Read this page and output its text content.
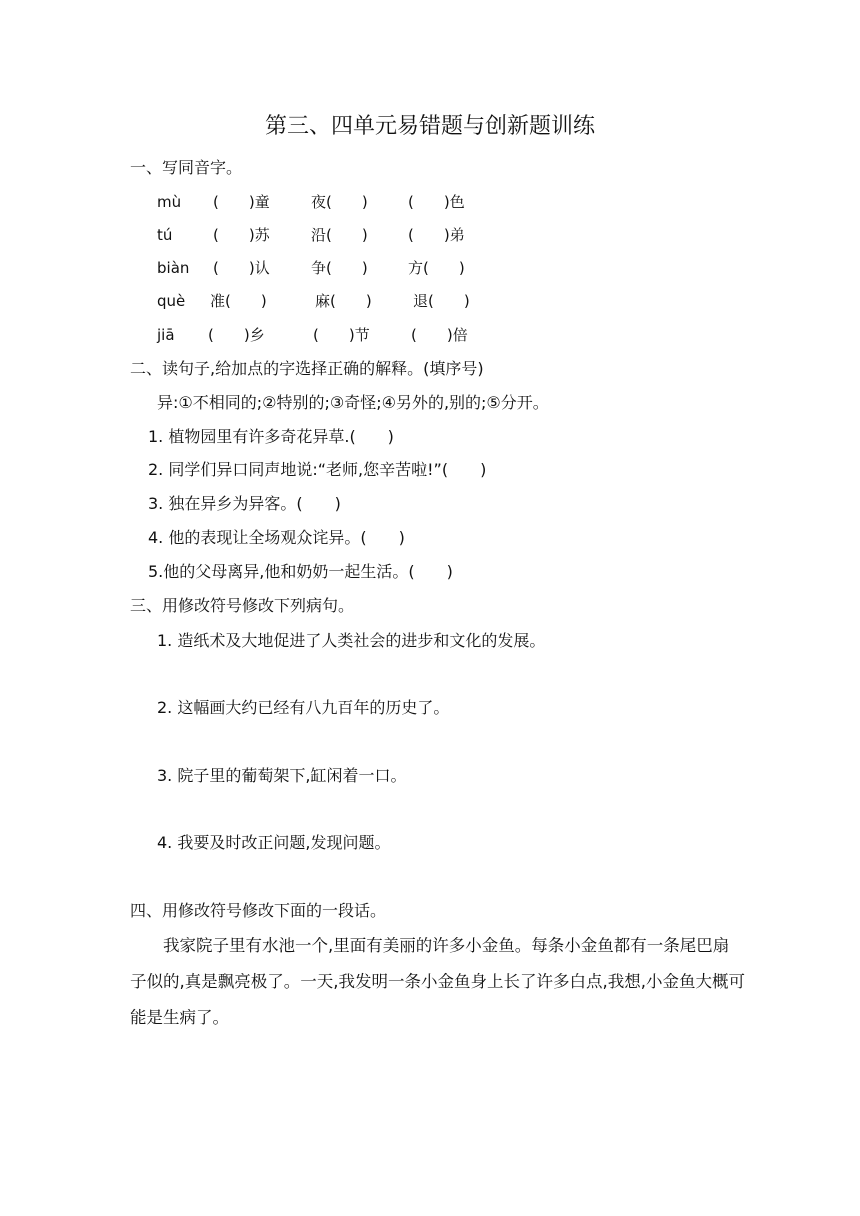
第三、四单元易错题与创新题训练
一、写同音字。
mù (　　)童	夜(　　)	(　　)色
tú	(　　)苏	沿(　　)	(　　)弟
biàn (　　)认	争(　　)	方(　　)
què 准(　　)	麻(　　)	退(　　)
jiā (　　)乡	(　　)节	(　　)倍
二、读句子,给加点的字选择正确的解释。(填序号)
异:①不相同的;②特别的;③奇怪;④另外的,别的;⑤分开。
1. 植物园里有许多奇花异草.(　　)
2. 同学们异口同声地说:“老师,您辛苦啦!”(　　)
3. 独在异乡为异客。(　　)
4. 他的表现让全场观众诧异。(　　)
5.他的父母离异,他和奶奶一起生活。(　　)
三、用修改符号修改下列病句。
1. 造纸术及大地促进了人类社会的进步和文化的发展。
2. 这幅画大约已经有八九百年的历史了。
3. 院子里的葡萄架下,缸闲着一口。
4. 我要及时改正问题,发现问题。
四、用修改符号修改下面的一段话。
我家院子里有水池一个,里面有美丽的许多小金鱼。每条小金鱼都有一条尾巴扇子似的,真是飘亮极了。一天,我发明一条小金鱼身上长了许多白点,我想,小金鱼大概可能是生病了。
